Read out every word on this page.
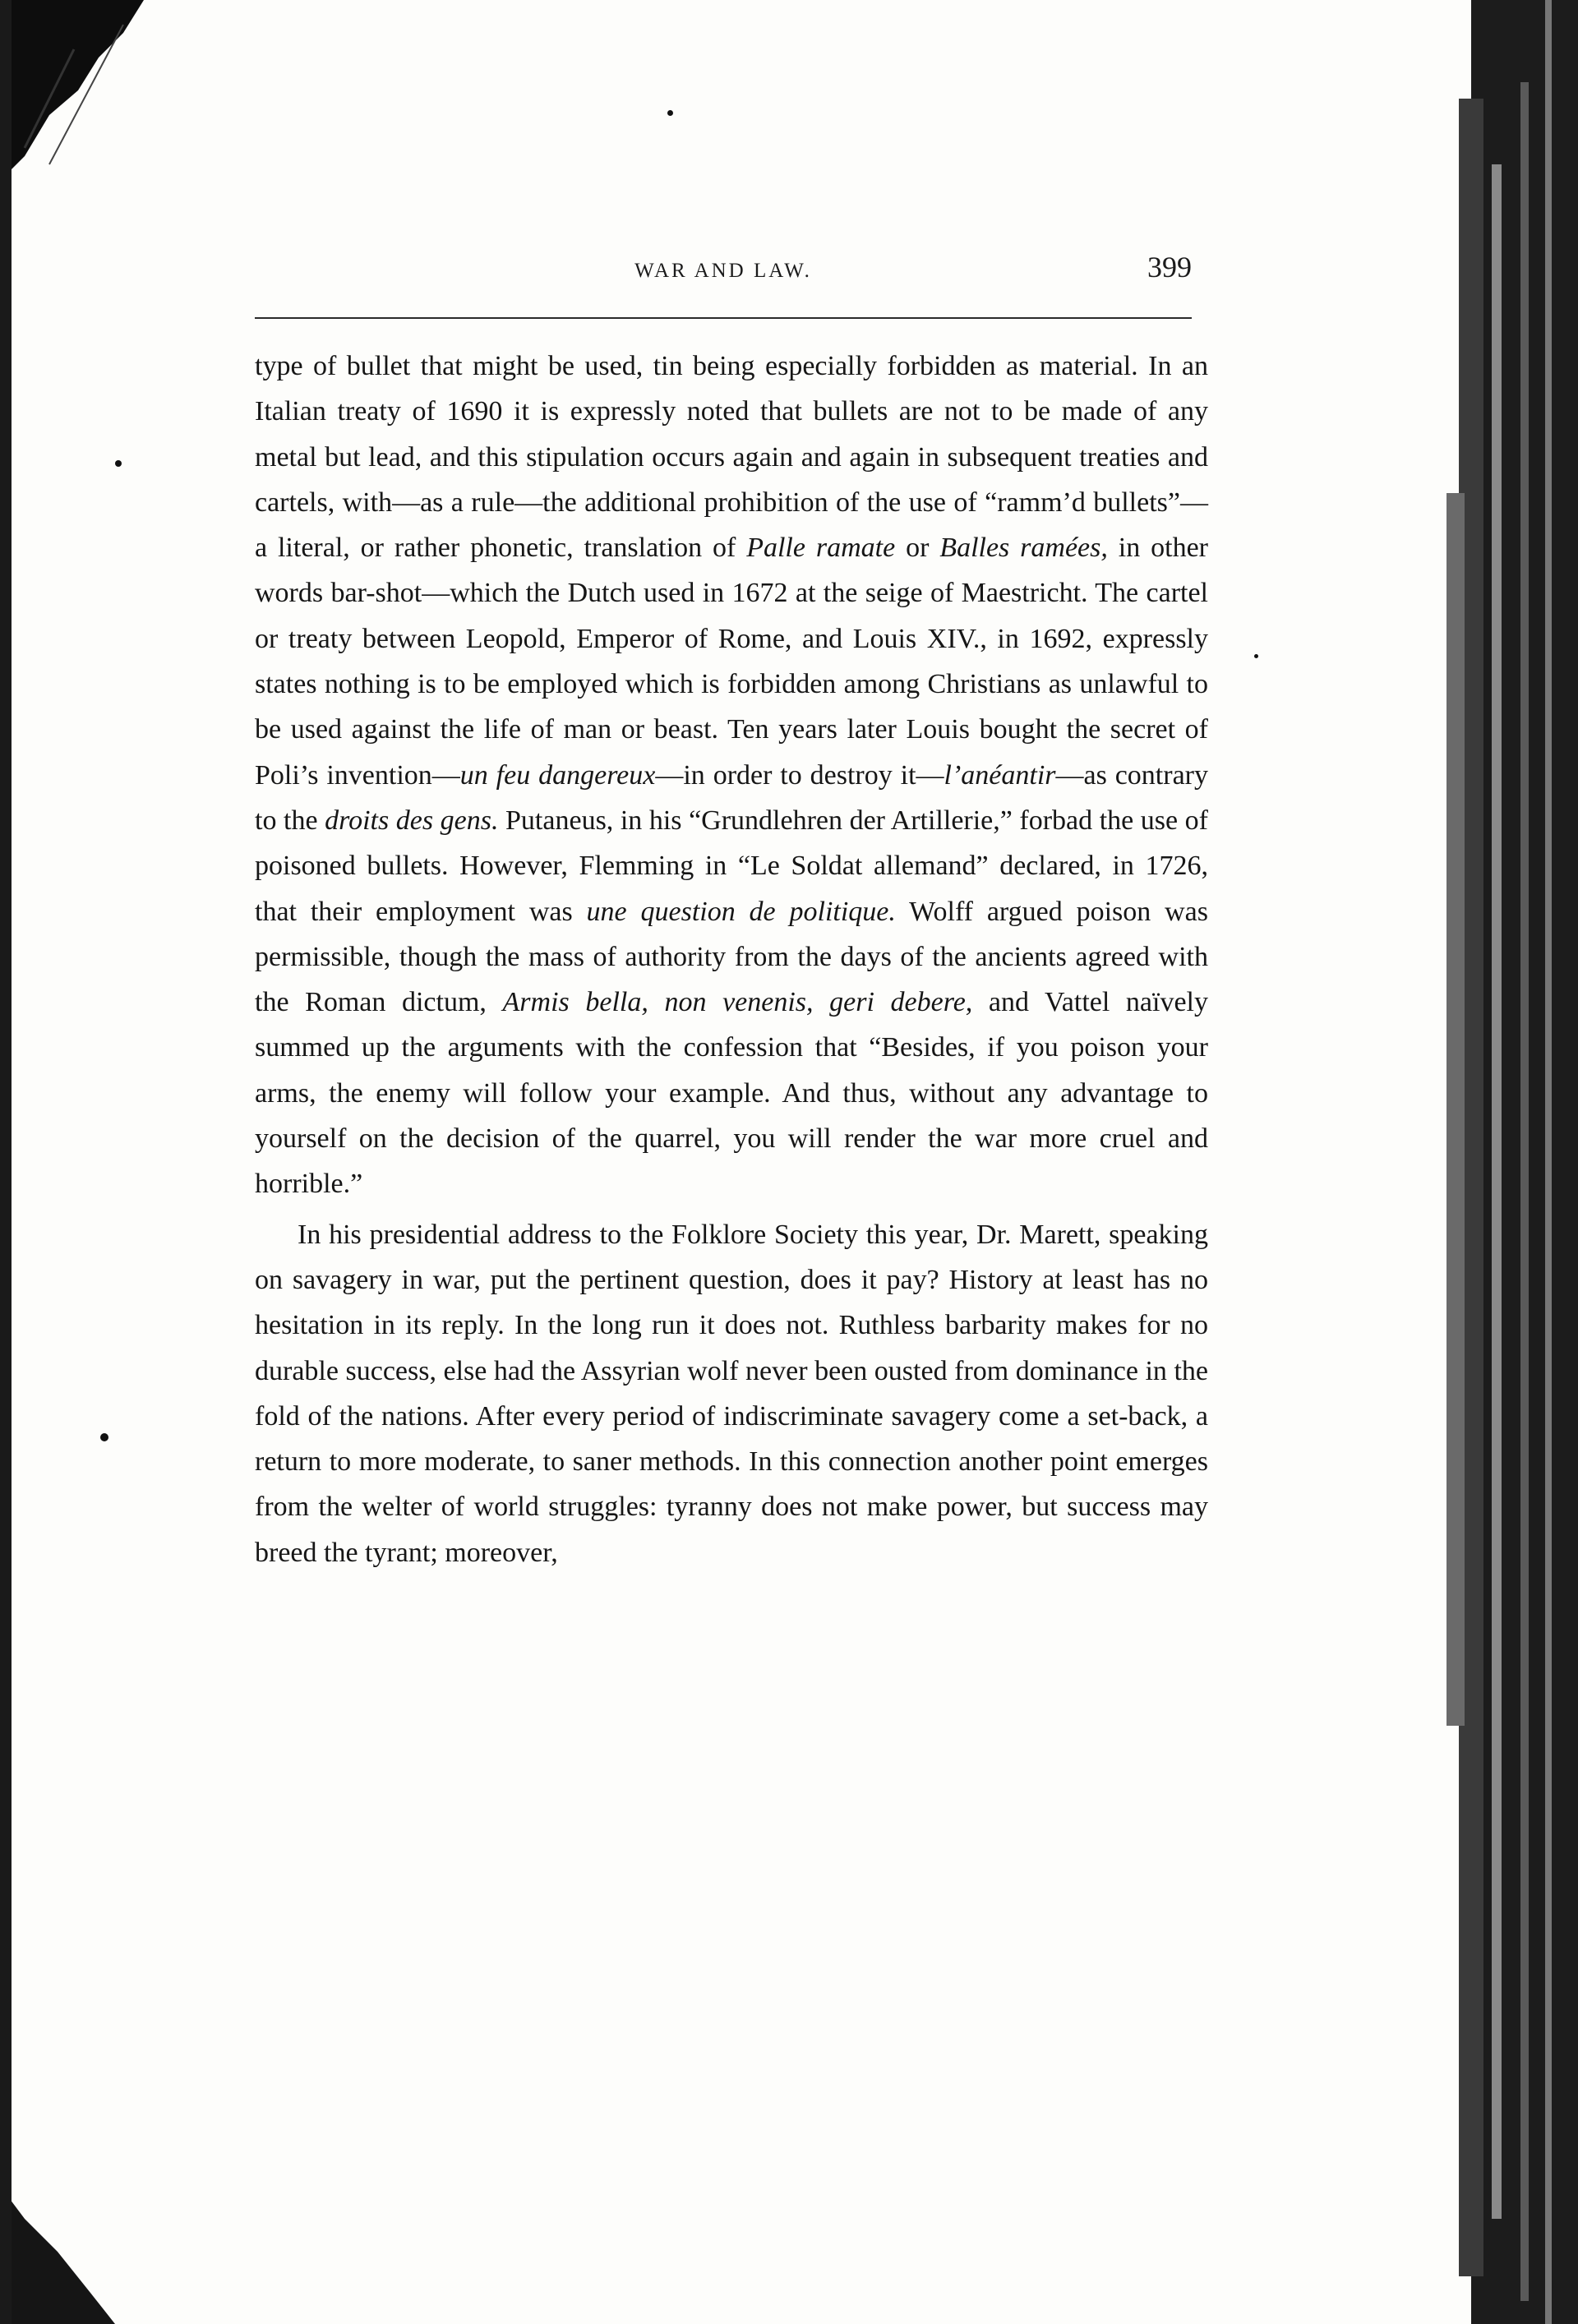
WAR AND LAW.	399

type of bullet that might be used, tin being especially forbidden as material. In an Italian treaty of 1690 it is expressly noted that bullets are not to be made of any metal but lead, and this stipulation occurs again and again in subsequent treaties and cartels, with—as a rule—the additional prohibition of the use of “ramm’d bullets”—a literal, or rather phonetic, translation of Palle ramate or Balles ramées, in other words bar-shot—which the Dutch used in 1672 at the seige of Maestricht. The cartel or treaty between Leopold, Emperor of Rome, and Louis XIV., in 1692, expressly states nothing is to be employed which is forbidden among Christians as unlawful to be used against the life of man or beast. Ten years later Louis bought the secret of Poli’s invention—un feu dangereux—in order to destroy it—l’anéantir—as contrary to the droits des gens. Putaneus, in his “Grundlehren der Artillerie,” forbad the use of poisoned bullets. However, Flemming in “Le Soldat allemand” declared, in 1726, that their employment was une question de politique. Wolff argued poison was permissible, though the mass of authority from the days of the ancients agreed with the Roman dictum, Armis bella, non venenis, geri debere, and Vattel naïvely summed up the arguments with the confession that “Besides, if you poison your arms, the enemy will follow your example. And thus, without any advantage to yourself on the decision of the quarrel, you will render the war more cruel and horrible.”

In his presidential address to the Folklore Society this year, Dr. Marett, speaking on savagery in war, put the pertinent question, does it pay? History at least has no hesitation in its reply. In the long run it does not. Ruthless barbarity makes for no durable success, else had the Assyrian wolf never been ousted from dominance in the fold of the nations. After every period of indiscriminate savagery come a set-back, a return to more moderate, to saner methods. In this connection another point emerges from the welter of world struggles: tyranny does not make power, but success may breed the tyrant; moreover,
